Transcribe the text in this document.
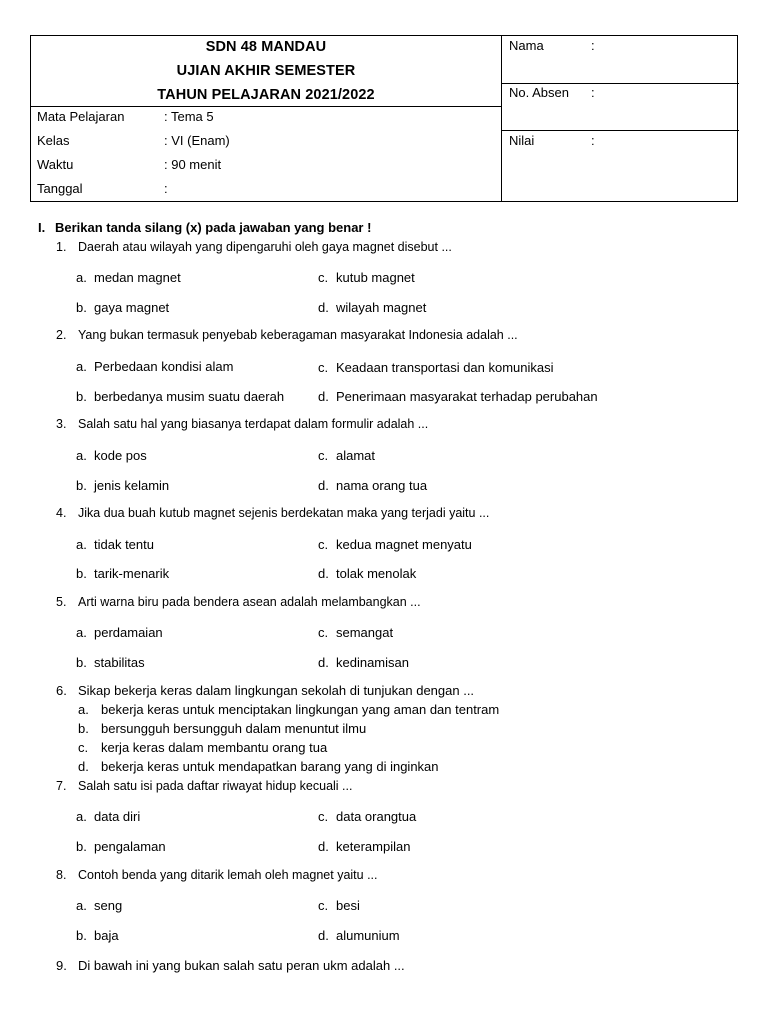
SDN 48 MANDAU
UJIAN AKHIR SEMESTER
TAHUN PELAJARAN 2021/2022
Mata Pelajaran	: Tema 5
Kelas	: VI (Enam)
Waktu	: 90 menit
Tanggal	:
Nama	:
No. Absen :
Nilai	:
I. Berikan tanda silang (x) pada jawaban yang benar !
1. Daerah atau wilayah yang dipengaruhi oleh gaya magnet disebut ...
a. medan magnet	c. kutub magnet
b. gaya magnet	d. wilayah magnet
2. Yang bukan termasuk penyebab keberagaman masyarakat Indonesia adalah ...
a. Perbedaan kondisi alam	c. Keadaan transportasi dan komunikasi
b. berbedanya musim suatu daerah	d. Penerimaan masyarakat terhadap perubahan
3. Salah satu hal yang biasanya terdapat dalam formulir adalah ...
a. kode pos	c. alamat
b. jenis kelamin	d. nama orang tua
4. Jika dua buah kutub magnet sejenis berdekatan maka yang terjadi yaitu ...
a. tidak tentu	c. kedua magnet menyatu
b. tarik-menarik	d. tolak menolak
5. Arti warna biru pada bendera asean adalah melambangkan ...
a. perdamaian	c. semangat
b. stabilitas	d. kedinamisan
6. Sikap bekerja keras dalam lingkungan sekolah di tunjukan dengan ...
a. bekerja keras untuk menciptakan lingkungan yang aman dan tentram
b. bersungguh bersungguh dalam menuntut ilmu
c. kerja keras dalam membantu orang tua
d. bekerja keras untuk mendapatkan barang yang di inginkan
7. Salah satu isi pada daftar riwayat hidup kecuali ...
a. data diri	c. data orangtua
b. pengalaman	d. keterampilan
8. Contoh benda yang ditarik lemah oleh magnet yaitu ...
a. seng	c. besi
b. baja	d. alumunium
9. Di bawah ini yang bukan salah satu peran ukm adalah ...
